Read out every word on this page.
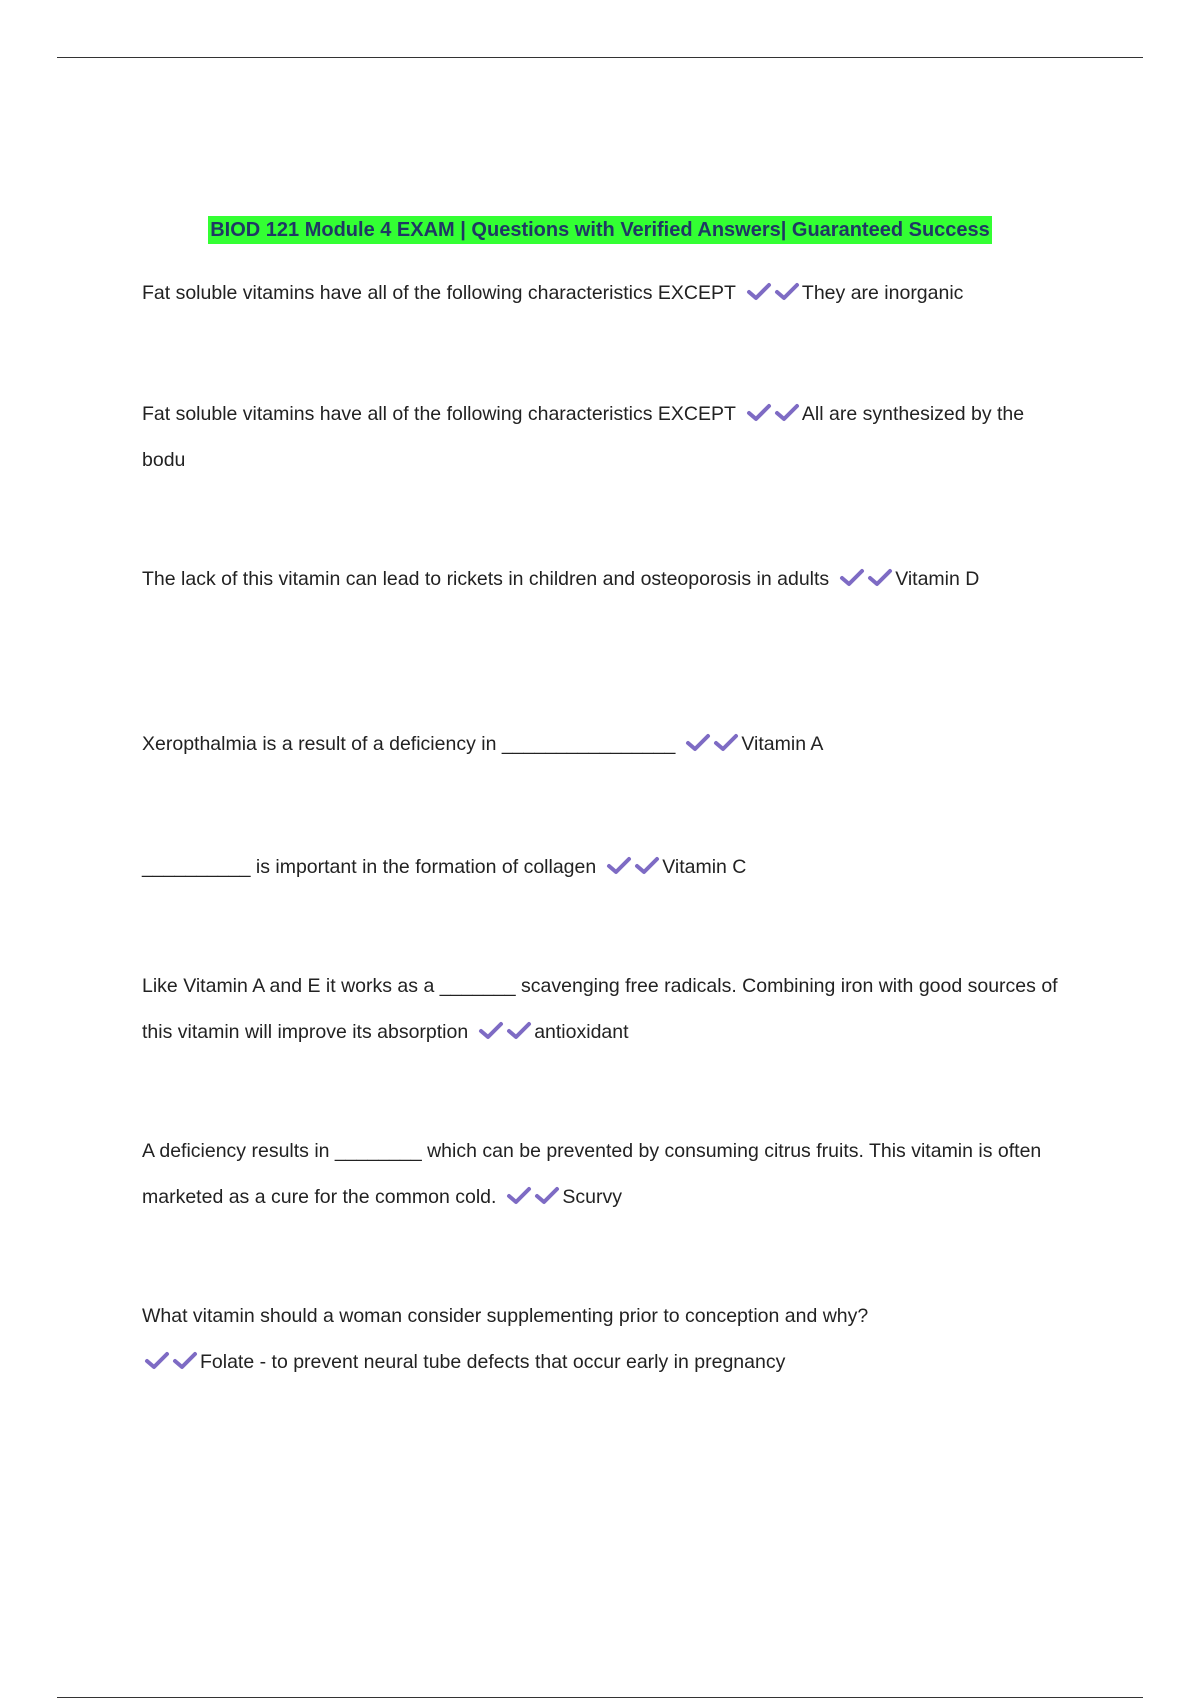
BIOD 121 Module 4 EXAM | Questions with Verified Answers| Guaranteed Success
Fat soluble vitamins have all of the following characteristics EXCEPT	They are inorganic
Fat soluble vitamins have all of the following characteristics EXCEPT	All are synthesized by the bodu
The lack of this vitamin can lead to rickets in children and osteoporosis in adults	Vitamin D
Xeropthalmia is a result of a deficiency in ________________	Vitamin A
__________ is important in the formation of collagen	Vitamin C
Like Vitamin A and E it works as a _______ scavenging free radicals. Combining iron with good sources of this vitamin will improve its absorption	antioxidant
A deficiency results in ________ which can be prevented by consuming citrus fruits. This vitamin is often marketed as a cure for the common cold.	Scurvy
What vitamin should a woman consider supplementing prior to conception and why?

Folate - to prevent neural tube defects that occur early in pregnancy
